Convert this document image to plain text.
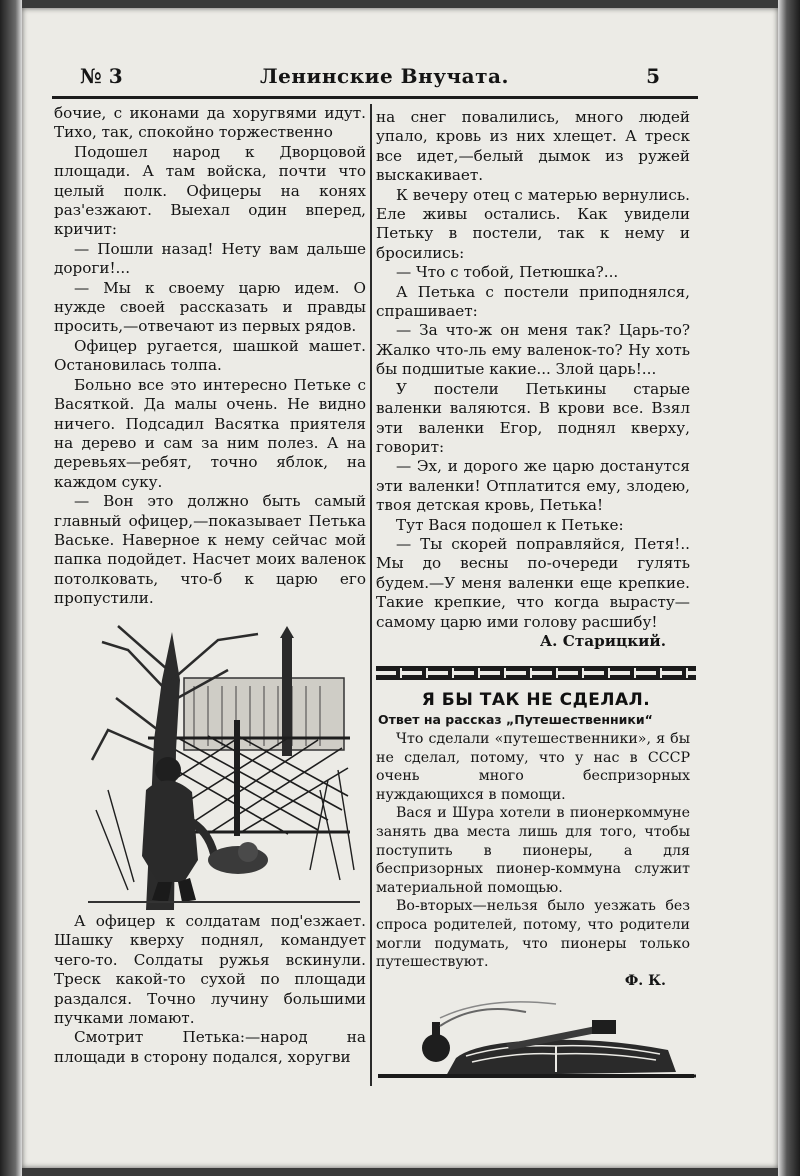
№ 3	Ленинские Внучата.	5

бочие, с иконами да хоругвями идут. Тихо, так, спокойно торжественно

Подошел народ к Дворцовой площади. А там войска, почти что целый полк. Офицеры на конях раз'езжают. Выехал один вперед, кричит:

— Пошли назад! Нету вам дальше дороги!...

— Мы к своему царю идем. О нужде своей рассказать и правды просить,—отвечают из первых рядов.

Офицер ругается, шашкой машет. Остановилась толпа.

Больно все это интересно Петьке с Васяткой. Да малы очень. Не видно ничего. Подсадил Васятка приятеля на дерево и сам за ним полез. А на деревьях—ребят, точно яблок, на каждом суку.

— Вон это должно быть самый главный офицер,—показывает Петька Ваське. Наверное к нему сейчас мой папка подойдет. Насчет моих валенок потолковать, что-б к царю его пропустили.

А офицер к солдатам под'езжает. Шашку кверху поднял, командует чего-то. Солдаты ружья вскинули. Треск какой-то сухой по площади раздался. Точно лучину большими пучками ломают.

Смотрит Петька:—народ на площади в сторону подался, хоругви

на снег повалились, много людей упало, кровь из них хлещет. А треск все идет,—белый дымок из ружей выскакивает.

К вечеру отец с матерью вернулись. Еле живы остались. Как увидели Петьку в постели, так к нему и бросились:

— Что с тобой, Петюшка?...

А Петька с постели приподнялся, спрашивает:

— За что-ж он меня так? Царь-то? Жалко что-ль ему валенок-то? Ну хоть бы подшитые какие... Злой царь!...

У постели Петькины старые валенки валяются. В крови все. Взял эти валенки Егор, поднял кверху, говорит:

— Эх, и дорого же царю достанутся эти валенки! Отплатится ему, злодею, твоя детская кровь, Петька!

Тут Вася подошел к Петьке:

— Ты скорей поправляйся, Петя!.. Мы до весны по-очереди гулять будем.—У меня валенки еще крепкие. Такие крепкие, что когда вырасту—самому царю ими голову расшибу!

А. Старицкий.

Я БЫ ТАК НЕ СДЕЛАЛ.
Ответ на рассказ „Путешественники“

Что сделали «путешественники», я бы не сделал, потому, что у нас в СССР очень много беспризорных нуждающихся в помощи.

Вася и Шура хотели в пионеркоммуне занять два места лишь для того, чтобы поступить в пионеры, а для беспризорных пионер-коммуна служит материальной помощью.

Во-вторых—нельзя было уезжать без спроса родителей, потому, что родители могли подумать, что пионеры только путешествуют.

Ф. К.
